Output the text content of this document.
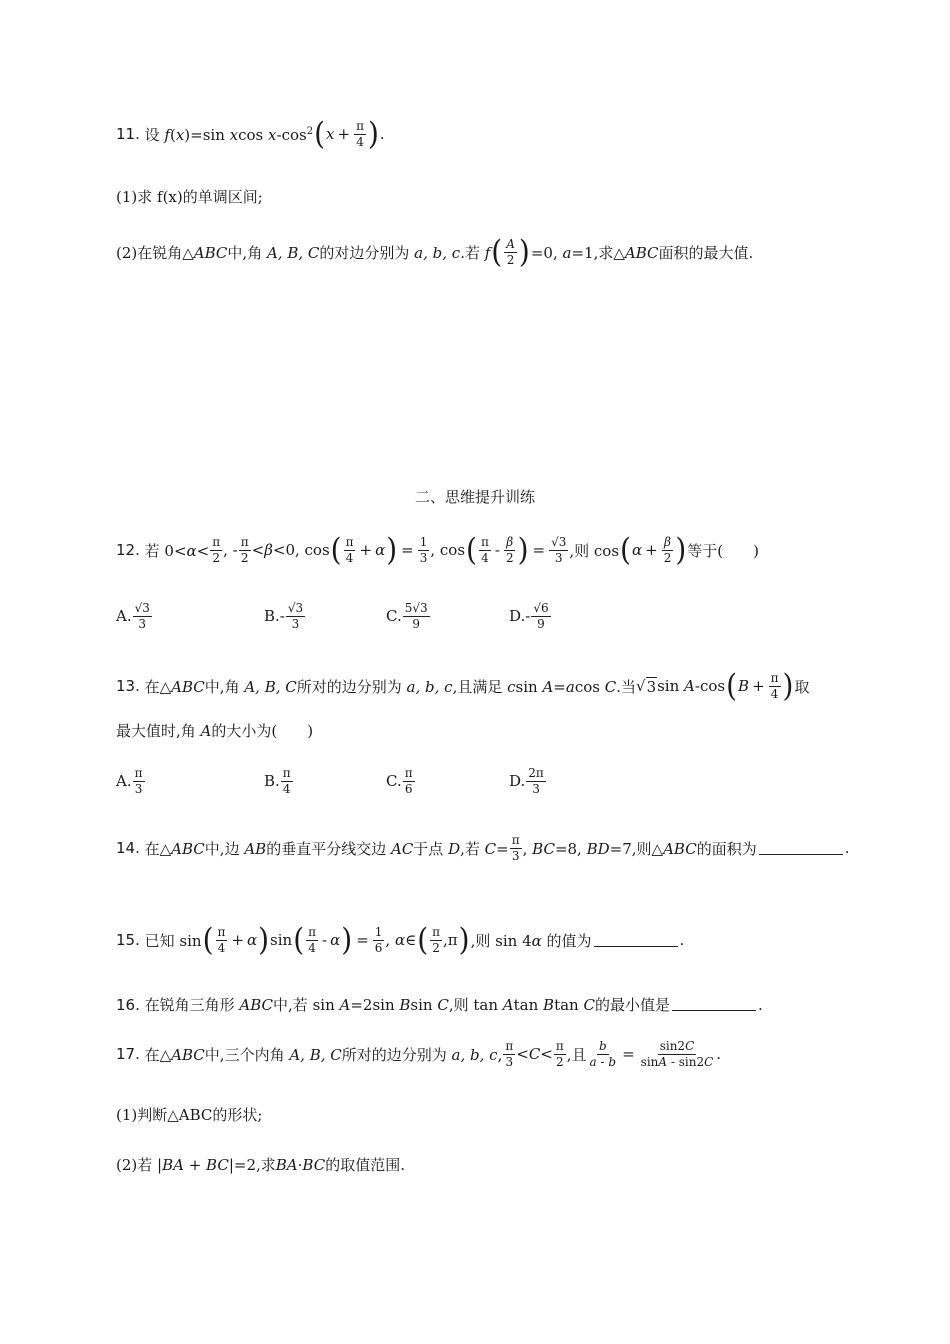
11. 设 f(x)=sin xcos $x-\cos^2$ ( $x + \frac{\pi}{4}$ ) .
(1)求 f(x)的单调区间;
(2)在锐角△ABC中,角 A, B, C的对边分别为 a, b, c.若 f ( $\frac{A}{2}$ ) =0, a=1,求△ABC面积的最大值.
二、思维提升训练
12. 若 $0<\alpha< \frac{\pi}{2}$ , - $\frac{\pi}{2} <\beta<0$, cos ( $\frac{\pi}{4} + \alpha$ ) = $\frac{1}{3}$ , cos ( $\frac{\pi}{4} - \frac{\beta}{2}$ ) = $\frac{√3}{3}$ ,则 cos ( $\alpha + \frac{\beta}{2}$ ) 等于(　　)
A. $\frac{√3}{3}$	$B.- \frac{√3}{3}$	C. $\frac{5√3}{9}$	$D.- \frac{√6}{9}$
13. 在△ABC中,角 A, B, C所对的边分别为 a, b, c,且满足 csin A=acos C.当 √ 3 sin A-cos ( $B + \frac{\pi}{4}$ ) 取
最大值时,角 A的大小为(　　)
A. $\frac{\pi}{3}$	B. $\frac{\pi}{4}$	C. $\frac{\pi}{6}$	D. $\frac{2\pi}{3}$
14. 在△ABC中,边 AB的垂直平分线交边 AC于点 D,若 $C= \frac{\pi}{3}$ , BC=8, BD=7,则△ABC的面积为	.
15. 已知 sin ( $\frac{\pi}{4} + \alpha$ ) sin ( $\frac{\pi}{4}$ - α ) = $\frac{1}{6}$ , α∈ ( $\frac{\pi}{2} ,\pi$ ) ,则 sin 4α 的值为	.
16. 在锐角三角形 ABC中,若 sin A=2sin Bsin C,则 tan Atan Btan C的最小值是	.
17. 在△ABC中,三个内角 A, B, C所对的边分别为 a, b, c, $\frac{\pi}{3} <C< \frac{\pi}{2}$ ,且 $\frac{b}{a - b} = \frac{\sin 2C}{\sin A - \sin 2C}$ .
(1)判断△ABC的形状;
(2)若 |BA + BC|=2,求BA·BC的取值范围.
